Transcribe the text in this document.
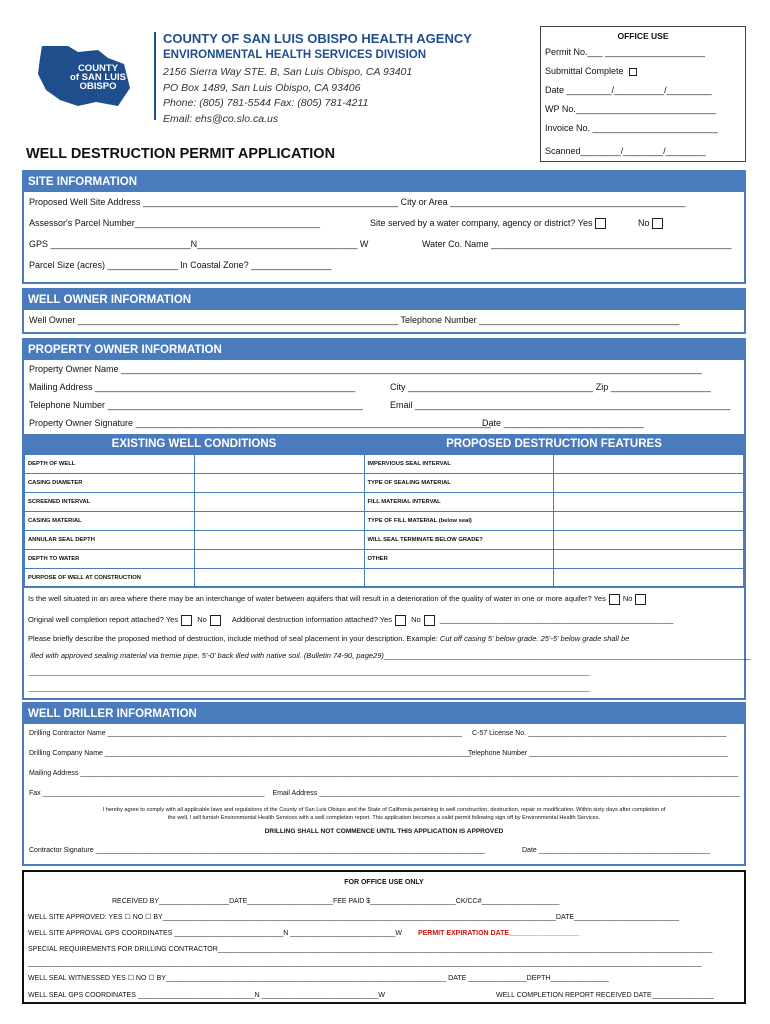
COUNTY
of SAN LUIS
OBISPO
COUNTY OF SAN LUIS OBISPO HEALTH AGENCY
ENVIRONMENTAL HEALTH SERVICES DIVISION
2156 Sierra Way STE. B, San Luis Obispo, CA 93401
PO Box 1489, San Luis Obispo, CA 93406
Phone: (805) 781-5544 Fax: (805) 781-4211
Email: ehs@co.slo.ca.us
OFFICE USE
Permit No.___ ____________________
Submittal Complete
Date _________/__________/_________
WP No.____________________________
Invoice No. _________________________
Scanned________/________/________
WELL DESTRUCTION PERMIT APPLICATION
SITE INFORMATION
Proposed Well Site Address ___________________________________________________ City or Area _______________________________________________
Assessor's Parcel Number_____________________________________	Site served by a water company, agency or district? Yes	No
GPS ____________________________N________________________________ W	Water Co. Name ________________________________________________
Parcel Size (acres) ______________ In Coastal Zone? ________________
WELL OWNER INFORMATION
Well Owner ________________________________________________________________ Telephone Number ________________________________________
PROPERTY OWNER INFORMATION
Property Owner Name ____________________________________________________________________________________________________________________
Mailing Address ____________________________________________________	City _____________________________________ Zip ____________________
Telephone Number ___________________________________________________	Email _______________________________________________________________
Property Owner Signature _______________________________________________________________________
Date ____________________________
EXISTING WELL CONDITIONS	PROPOSED DESTRUCTION FEATURES
DEPTH OF WELL		IMPERVIOUS SEAL INTERVAL	
CASING DIAMETER		TYPE OF SEALING MATERIAL	
SCREENED INTERVAL		FILL MATERIAL INTERVAL	
CASING MATERIAL		TYPE OF FILL MATERIAL (below seal)	
ANNULAR SEAL DEPTH		WILL SEAL TERMINATE BELOW GRADE?	
DEPTH TO WATER		OTHER	
PURPOSE OF WELL AT CONSTRUCTION			
Is the well situated in an area where there may be an interchange of water between aquifers that will result in a deterioration of the quality of water in one or more aquifer? Yes No
Original well completion report attached? Yes	No	Additional destruction information attached? Yes	No	________________________________________________________
Please briefly describe the proposed method of destruction, include method of seal placement in your description. Example: Cut off casing 5' below grade. 25'-5' below grade shall be
illed with approved sealing material via tremie pipe. 5'-0' back illed with native soil. (Bulletin 74-90, page29)________________________________________________________________________________________
________________________________________________________________________________________________________________________________________________________________________
________________________________________________________________________________________________________________________________________________________________________
WELL DRILLER INFORMATION
Drilling Contractor Name ___________________________________________________________________________________________ C-57 License No. ___________________________________________________
Drilling Company Name ______________________________________________________________________________________________
Telephone Number ___________________________________________________
Mailing Address _________________________________________________________________________________________________________________________________________________________________________
Fax _________________________________________________________ Email Address ____________________________________________________________________________________________________________
I hereby agree to comply with all applicable laws and regulations of the County of San Luis Obispo and the State of California pertaining to well construction, destruction, repair or modification. Within sixty days after completion of
the well, I will furnish Environmental Health Services with a well completion report. This application becomes a valid permit following sign off by Environmental Health Services.
DRILLING SHALL NOT COMMENCE UNTIL THIS APPLICATION IS APPROVED
Contractor Signature ____________________________________________________________________________________________________	Date ____________________________________________
FOR OFFICE USE ONLY
RECEIVED BY__________________DATE______________________FEE PAID $______________________CK/CC#____________________
WELL SITE APPROVED: YES ☐ NO ☐ BY_____________________________________________________________________________________________________DATE___________________________
WELL SITE APPROVAL GPS COORDINATES ____________________________N ___________________________W PERMIT EXPIRATION DATE__________________
SPECIAL REQUIREMENTS FOR DRILLING CONTRACTOR_______________________________________________________________________________________________________________________________
_____________________________________________________________________________________________________________________________________________________________________________
WELL SEAL WITNESSED YES ☐ NO ☐ BY________________________________________________________________________ DATE _______________DEPTH_______________
WELL SEAL GPS COORDINATES ______________________________N ______________________________W	WELL COMPLETION REPORT RECEIVED DATE________________
